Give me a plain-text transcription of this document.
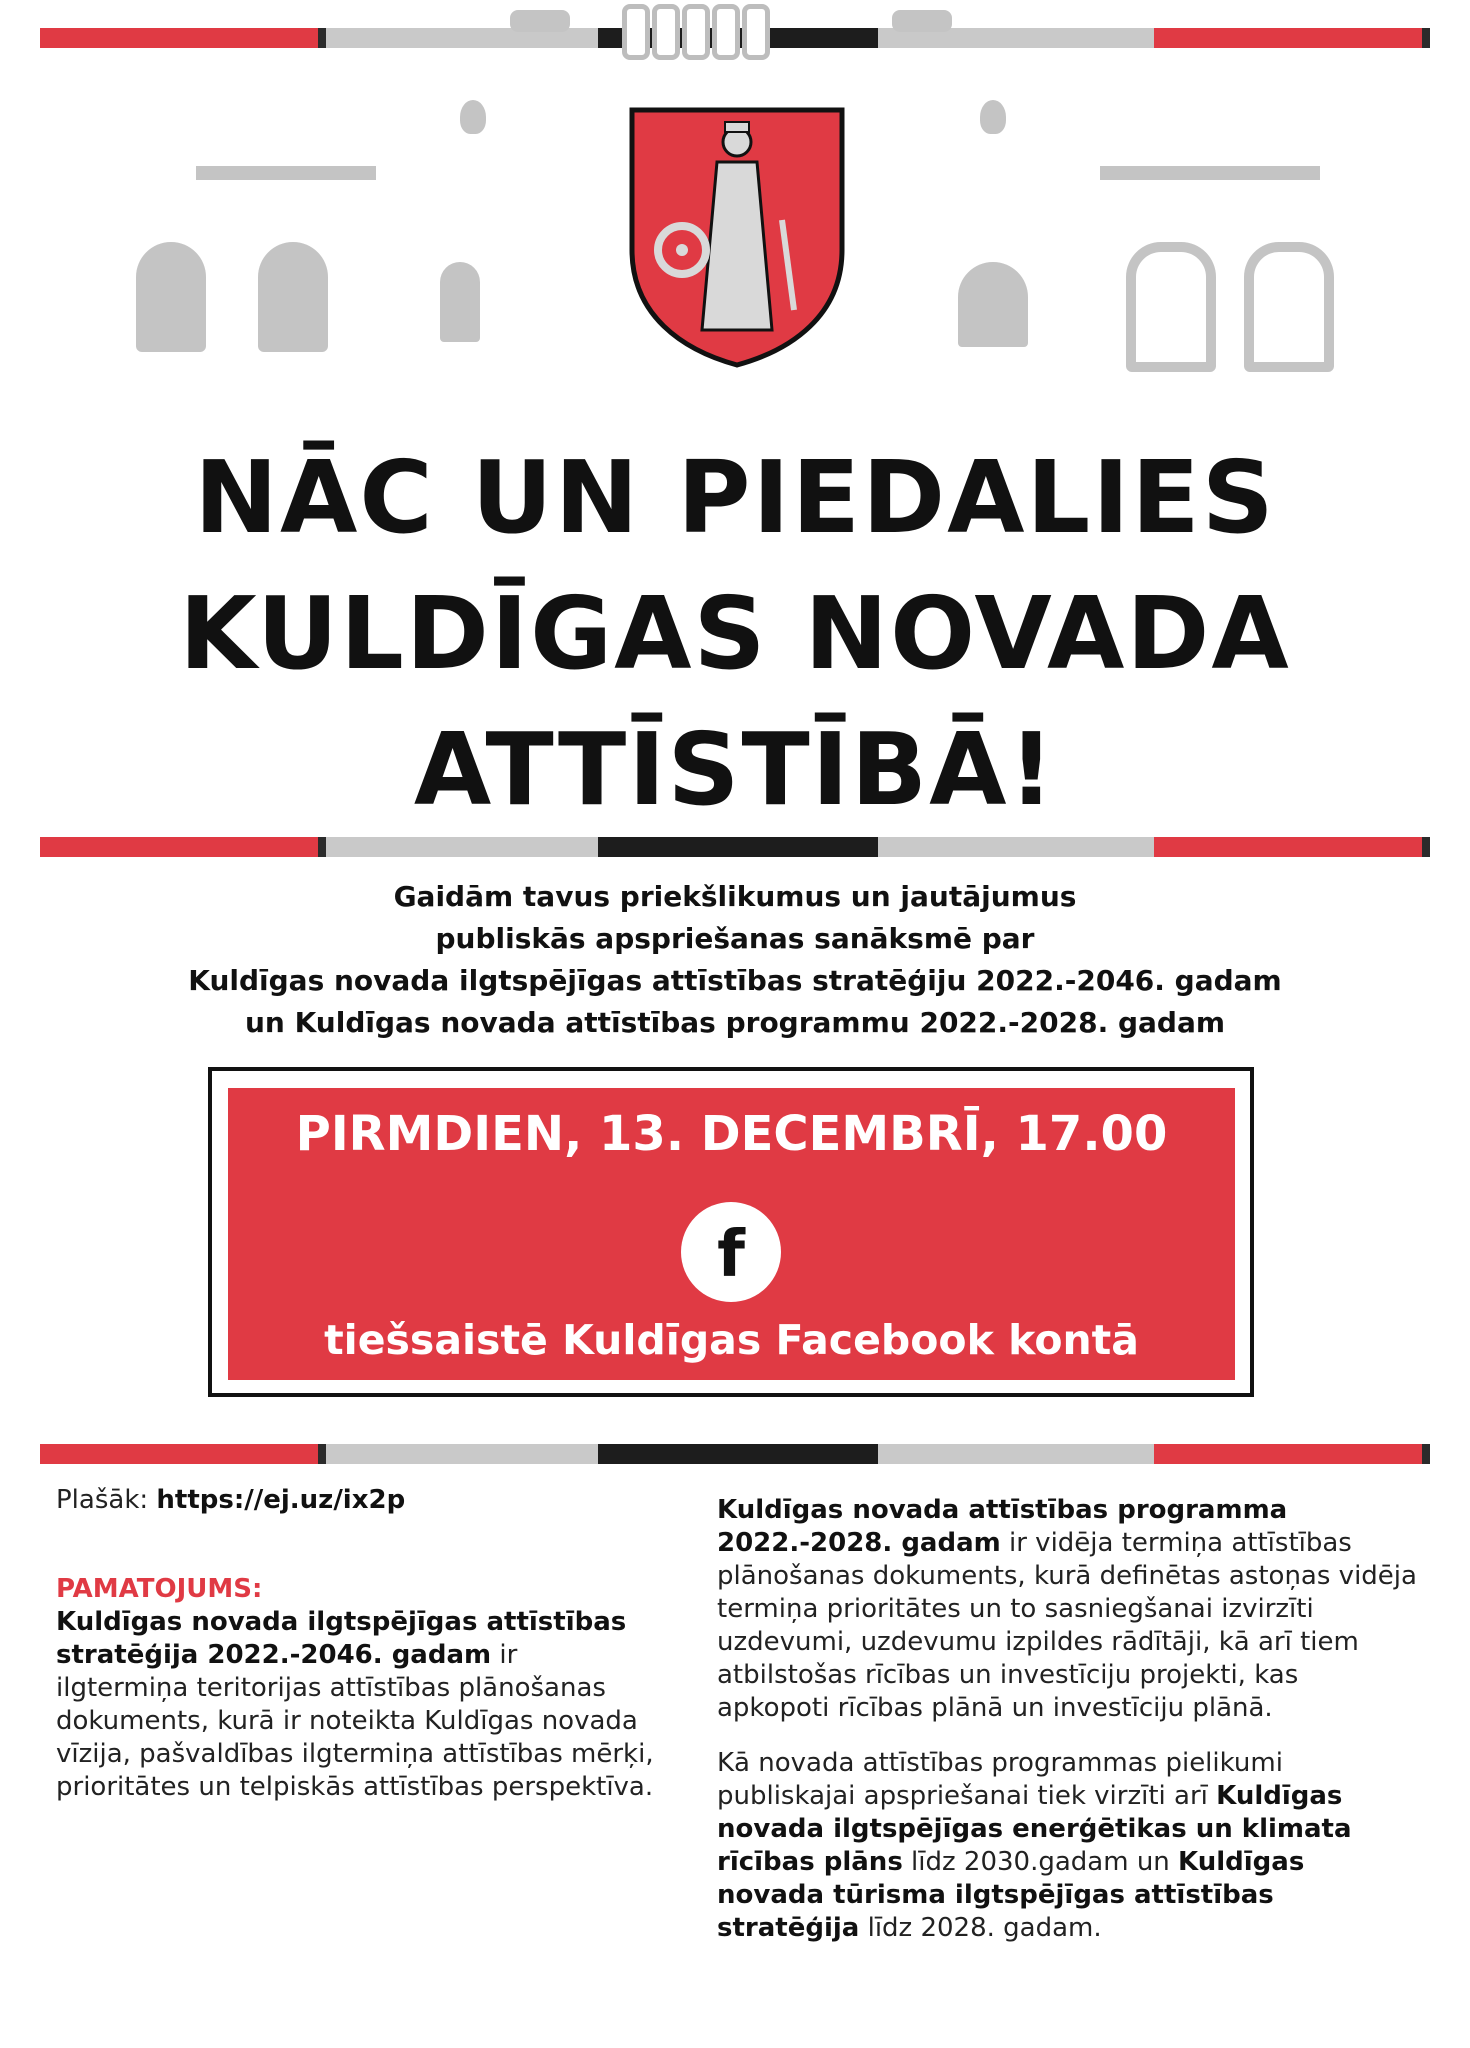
NĀC UN PIEDALIES
KULDĪGAS NOVADA
ATTĪSTĪBĀ!
Gaidām tavus priekšlikumus un jautājumus
publiskās apspriešanas sanāksmē par
Kuldīgas novada ilgtspējīgas attīstības stratēģiju 2022.-2046. gadam
un Kuldīgas novada attīstības programmu 2022.-2028. gadam
PIRMDIEN, 13. DECEMBRĪ, 17.00
f
tiešsaistē Kuldīgas Facebook kontā

Plašāk: https://ej.uz/ix2p

PAMATOJUMS:

Kuldīgas novada ilgtspējīgas attīstības stratēģija 2022.-2046. gadam ir ilgtermiņa teritorijas attīstības plānošanas dokuments, kurā ir noteikta Kuldīgas novada vīzija, pašvaldības ilgtermiņa attīstības mērķi, prioritātes un telpiskās attīstības perspektīva.

Kuldīgas novada attīstības programma 2022.-2028. gadam ir vidēja termiņa attīstības plānošanas dokuments, kurā definētas astoņas vidēja termiņa prioritātes un to sasniegšanai izvirzīti uzdevumi, uzdevumu izpildes rādītāji, kā arī tiem atbilstošas rīcības un investīciju projekti, kas apkopoti rīcības plānā un investīciju plānā.

Kā novada attīstības programmas pielikumi publiskajai apspriešanai tiek virzīti arī Kuldīgas novada ilgtspējīgas enerģētikas un klimata rīcības plāns līdz 2030.gadam un Kuldīgas novada tūrisma ilgtspējīgas attīstības stratēģija līdz 2028. gadam.
